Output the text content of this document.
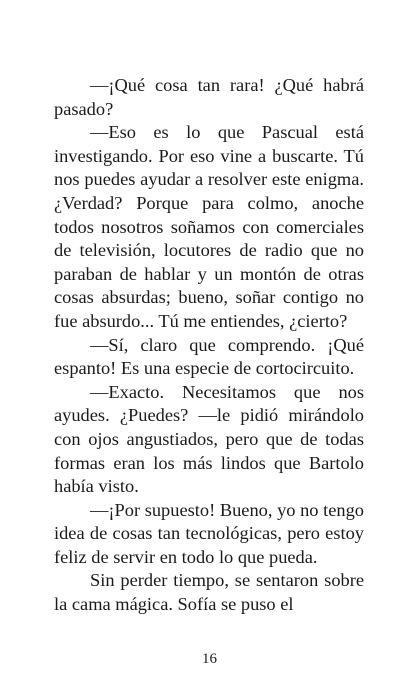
—¡Qué cosa tan rara! ¿Qué habrá pasado?

—Eso es lo que Pascual está investigando. Por eso vine a buscarte. Tú nos puedes ayudar a resolver este enigma. ¿Verdad? Porque para colmo, anoche todos nosotros soñamos con comerciales de televisión, locutores de radio que no paraban de hablar y un montón de otras cosas absurdas; bueno, soñar contigo no fue absurdo... Tú me entiendes, ¿cierto?

—Sí, claro que comprendo. ¡Qué espanto! Es una especie de cortocircuito.

—Exacto. Necesitamos que nos ayudes. ¿Puedes? —le pidió mirándolo con ojos angustiados, pero que de todas formas eran los más lindos que Bartolo había visto.

—¡Por supuesto! Bueno, yo no tengo idea de cosas tan tecnológicas, pero estoy feliz de servir en todo lo que pueda.

Sin perder tiempo, se sentaron sobre la cama mágica. Sofía se puso el

16
